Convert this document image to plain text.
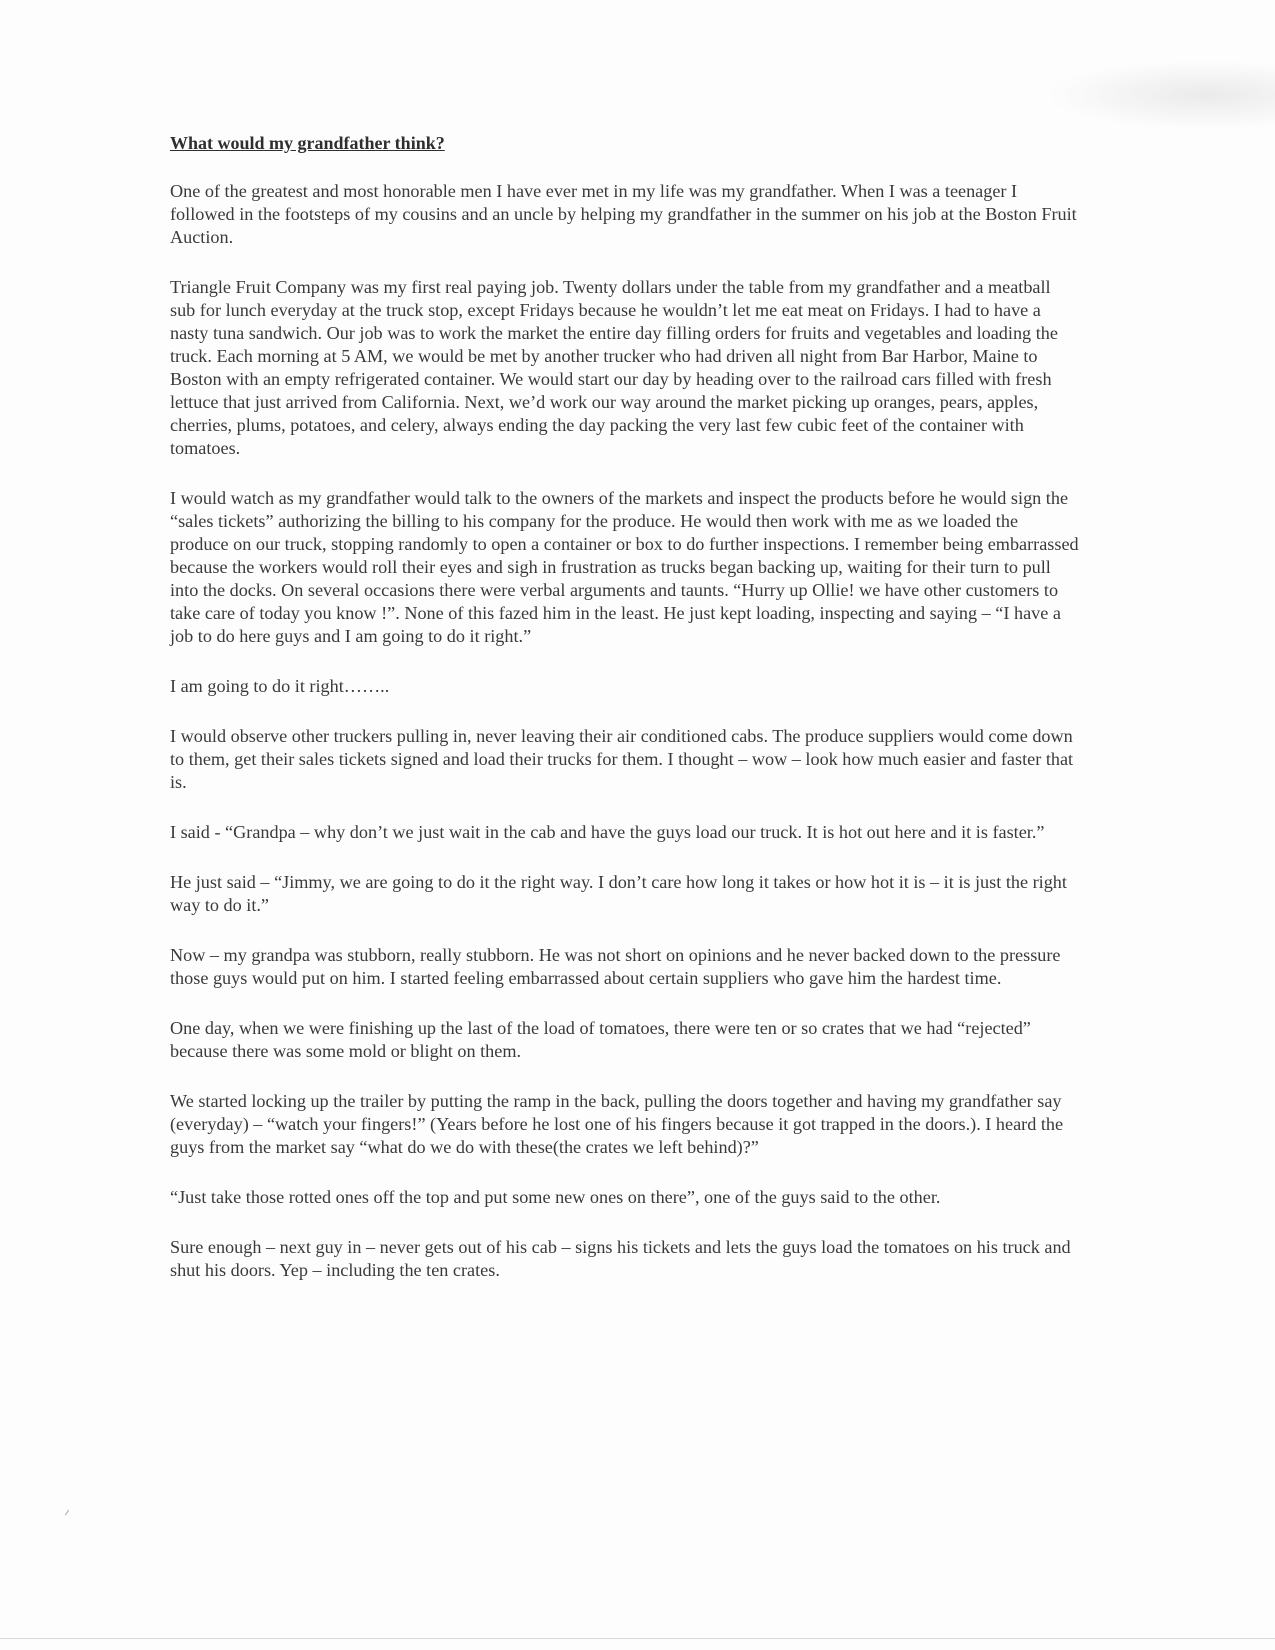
What would my grandfather think?

One of the greatest and most honorable men I have ever met in my life was my grandfather. When I was a teenager I followed in the footsteps of my cousins and an uncle by helping my grandfather in the summer on his job at the Boston Fruit Auction.

Triangle Fruit Company was my first real paying job. Twenty dollars under the table from my grandfather and a meatball sub for lunch everyday at the truck stop, except Fridays because he wouldn’t let me eat meat on Fridays. I had to have a nasty tuna sandwich. Our job was to work the market the entire day filling orders for fruits and vegetables and loading the truck. Each morning at 5 AM, we would be met by another trucker who had driven all night from Bar Harbor, Maine to Boston with an empty refrigerated container. We would start our day by heading over to the railroad cars filled with fresh lettuce that just arrived from California. Next, we’d work our way around the market picking up oranges, pears, apples, cherries, plums, potatoes, and celery, always ending the day packing the very last few cubic feet of the container with tomatoes.

I would watch as my grandfather would talk to the owners of the markets and inspect the products before he would sign the “sales tickets” authorizing the billing to his company for the produce. He would then work with me as we loaded the produce on our truck, stopping randomly to open a container or box to do further inspections. I remember being embarrassed because the workers would roll their eyes and sigh in frustration as trucks began backing up, waiting for their turn to pull into the docks. On several occasions there were verbal arguments and taunts. “Hurry up Ollie! we have other customers to take care of today you know !”. None of this fazed him in the least. He just kept loading, inspecting and saying – “I have a job to do here guys and I am going to do it right.”

I am going to do it right……..

I would observe other truckers pulling in, never leaving their air conditioned cabs. The produce suppliers would come down to them, get their sales tickets signed and load their trucks for them. I thought – wow – look how much easier and faster that is.

I said - “Grandpa – why don’t we just wait in the cab and have the guys load our truck. It is hot out here and it is faster.”

He just said – “Jimmy, we are going to do it the right way. I don’t care how long it takes or how hot it is – it is just the right way to do it.”

Now – my grandpa was stubborn, really stubborn. He was not short on opinions and he never backed down to the pressure those guys would put on him. I started feeling embarrassed about certain suppliers who gave him the hardest time.

One day, when we were finishing up the last of the load of tomatoes, there were ten or so crates that we had “rejected” because there was some mold or blight on them.

We started locking up the trailer by putting the ramp in the back, pulling the doors together and having my grandfather say (everyday) – “watch your fingers!” (Years before he lost one of his fingers because it got trapped in the doors.). I heard the guys from the market say “what do we do with these(the crates we left behind)?”

“Just take those rotted ones off the top and put some new ones on there”, one of the guys said to the other.

Sure enough – next guy in – never gets out of his cab – signs his tickets and lets the guys load the tomatoes on his truck and shut his doors. Yep – including the ten crates.
